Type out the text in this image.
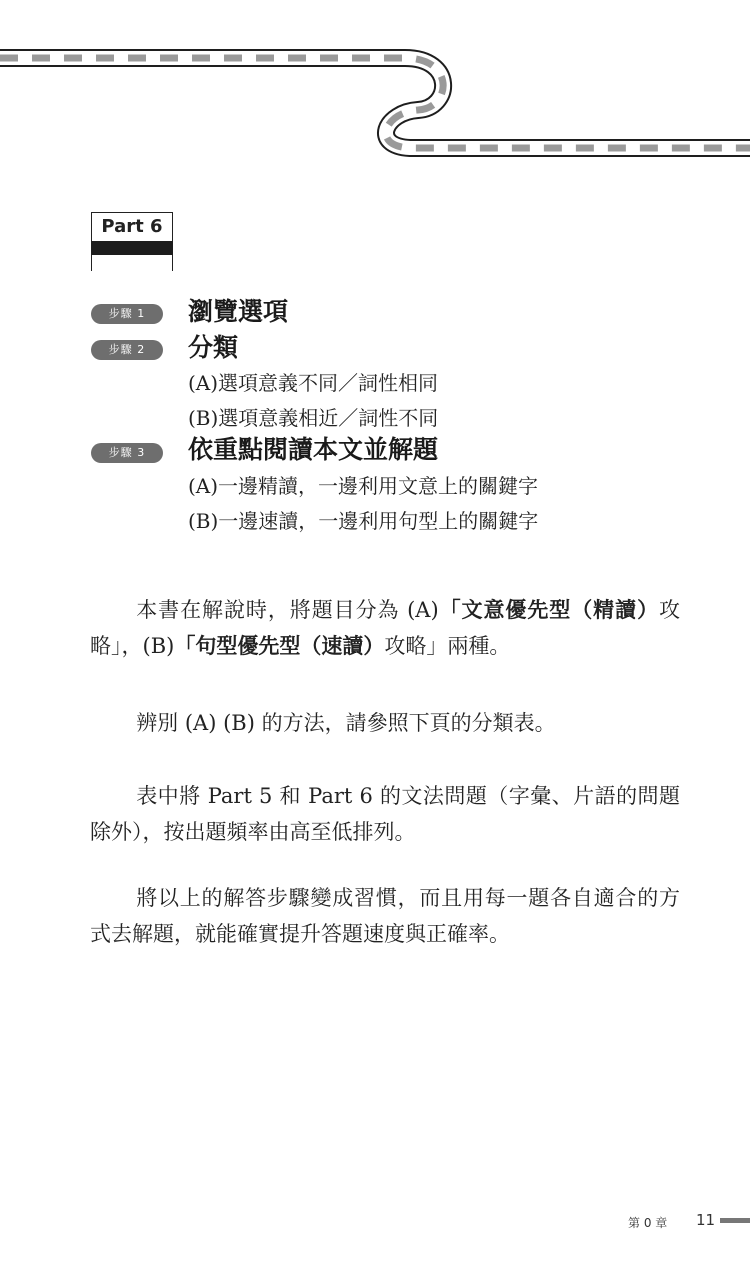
Part 6
步驟 1	瀏覽選項
步驟 2	分類
(A)選項意義不同／詞性相同
(B)選項意義相近／詞性不同
步驟 3	依重點閱讀本文並解題
(A)一邊精讀，一邊利用文意上的關鍵字
(B)一邊速讀，一邊利用句型上的關鍵字

本書在解說時，將題目分為 (A)「文意優先型（精讀）攻略」，(B)「句型優先型（速讀）攻略」兩種。

辨別 (A) (B) 的方法，請參照下頁的分類表。

表中將 Part 5 和 Part 6 的文法問題（字彙、片語的問題除外），按出題頻率由高至低排列。

將以上的解答步驟變成習慣，而且用每一題各自適合的方式去解題，就能確實提升答題速度與正確率。

第 0 章 11
